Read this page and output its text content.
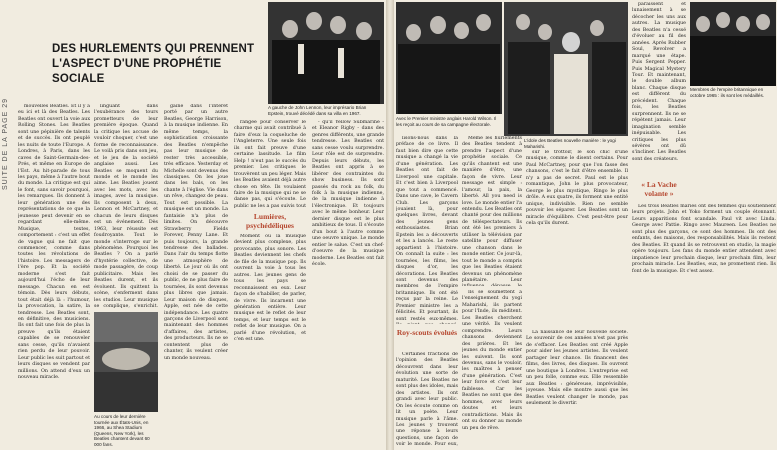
SUITE DE LA PAGE 29
DES HURLEMENTS QUI PRENNENT L'ASPECT D'UNE PROPHÉTIE SOCIALE
A gauche de John Lennon, leur imprésario Brian Epstein, trouvé décédé dans sa villa en 1967.
Avec le Premier ministre anglais Harold Wilson. Il les reçoit au cours de sa campagne électorale.
L'idole des Beatles nouvelle manière : le yogi Maharishi.
Membres de l'empire britannique en octobre 1965 : ils sont les médaillés.
Au cours de leur dernière tournée aux États-Unis, en 1966, au Shea Stadium (Queens, New York), les Beatles chantent devant 60 000 fans.

mouvelles Beatles. Et il y a eu ici et là des Beatles. Les Beatles ont ouvert la voie aux Rolling Stones. Les Beatles sont une pépinière de talents et de succès. Ils ont peuplé les nuits de toute l'Europe. A Londres, à Paris, dans les caves de Saint-Germain-des-Prés, et même en Europe de l'Est. Au hit-parade de tous les pays, même à l'autre bout du monde. La critique est qui le font, sans savoir pourquoi, les remarques. Ils donnent à leur génération une des représentations de ce que la jeunesse peut devenir en se regardant elle-même. Musique, textes, comportement : c'est un effet de vague qui ne fait que commencer, comme dans toutes les révolutions de l'histoire. Les messagers de l'ère pop. Et la société moderne s'est fait aujourd'hui l'écho de leur message. Chacun en est témoin. Dès leurs débuts, tout était déjà là : l'humour, la provocation, la satire, la tendresse. Les Beatles sont, en définitive, des musiciens. Ils ont fait une fois de plus la preuve qu'ils étaient capables de se renouveler sans cesse, qu'ils n'avaient rien perdu de leur pouvoir. Leur public les suit partout et leurs disques se vendent par millions. On attend d'eux un nouveau miracle.

linguant dans l'exubérance des tours prometteurs de leur première époque. Quand la critique les accuse de vouloir choquer, c'est une forme de reconnaissance. Le voilà pris dans son jeu, et le jeu de la société anglaise aussi. Les Beatles se moquent du monde et le monde les aime. Les Beatles jouent avec les mots, avec les images, avec la musique. Ils composent à deux, Lennon et McCartney, et chacun de leurs disques est un événement. Dès 1963, leur réussite est foudroyante. Tout le monde s'interroge sur le phénomène. Pourquoi les Beatles ? On a parlé d'hystérie collective, de mode passagère, de coup publicitaire. Mais les Beatles durent, et ils évoluent. Ils quittent la scène, s'enferment dans les studios. Leur musique se complique, s'enrichit.

gaine dans l'intérêt porté par un autre Beatles, George Harrison, à la musique indienne. En même temps, la sophistication croissante des Beatles n'empêche pas leur musique de rester très accessible, très efficace. Yesterday et Michelle sont devenus des classiques. On les joue dans les bals, on les chante à l'église. Vie dans un rêve, changez de peau. Tout est possible. La musique est un monde. La fantaisie n'a plus de limites. On découvre Strawberry Fields Forever, Penny Lane. Et puis toujours, la grande tendresse des ballades. Dans l'air du temps flotte une atmosphère de liberté. Le jour où ils ont choisi de se passer du public, de ne plus faire de tournées, ils sont devenus plus libres que jamais. Leur maison de disques, Apple, est née de cette indépendance. Les quatre garçons de Liverpool sont maintenant des hommes d'affaires, des artistes, des producteurs. Ils ne se contentent plus de chanter, ils veulent créer un monde nouveau.

rangée pour conserver le charme qui avait contribué à faire d'eux la coqueluche de l'Angleterre. Une seule fois ils ont fait preuve d'une certaine lassitude. Le film Help ! n'eut pas le succès du premier. Les critiques le trouvèrent un peu léger. Mais les Beatles avaient déjà autre chose en tête. Ils voulaient faire de la musique qui ne se danse pas, qui s'écoute. Le public ne les a pas suivis tout

Lumières, psychédéliques

Moment où la musique devient plus complexe, plus provocante, plus sonore. Les Beatles deviennent les chefs de file de la musique pop. Ils ouvrent la voie à tous les autres. Les jeunes gens de tous les pays se reconnaissent en eux. Leur façon de s'habiller, de parler, de vivre. Ils incarnent une génération entière. Leur musique est le reflet de leur temps, et leur temps est le reflet de leur musique. On a parlé d'une révolution, et c'en est une.

- qu'il Yellow Submarine - et Eleanor Rigby - dans des genres différents, une grande tendresse. Les Beatles ont sans cesse voulu surprendre. Leur rôle est de surprendre. Depuis leurs débuts, les Beatles ont appris à se libérer des contraintes du show business. Ils sont passés du rock au folk, du folk à la musique indienne, de la musique indienne à l'électronique. Et toujours avec le même bonheur. Leur dernier disque est le plus ambitieux de tous. Il s'écoute d'un bout à l'autre comme une oeuvre unique. Le monde entier le salue. C'est un chef-d'oeuvre de la musique moderne. Les Beatles ont fait école.

lisons-nous dans la préface de ce livre. Il faut bien dire que cette musique a changé la vie d'une génération. Les Beatles ont fait de Liverpool une capitale. Et c'est bien à Liverpool que tout a commencé. Dans une cave, le Cavern Club. Les garçons jouaient là, pour quelques livres, devant des jeunes gens enthousiastes. Brian Epstein les a découverts et les a lancés. Le reste appartient à l'histoire. On connaît la suite : les tournées, les films, les disques d'or, les décorations. Les Beatles sont devenus des membres de l'empire britannique. Ils ont été reçus par la reine. Le Premier ministre les a félicités. Et pourtant, ils sont restés eux-mêmes.

Roy-scouts évolués

Certaines fractions de l'opinion des Beatles découvrent dans leur évolution une sorte de maturité. Les Beatles ne sont plus des idoles, mais des artistes. Ils ont grandi avec leur public. On les écoute comme on lit un poète. Leur musique parle à l'âme. Les jeunes y trouvent une réponse à leurs questions, une façon de voir le monde. Pour eux,

Même les hurlements des Beatles tendent à prendre l'aspect d'une prophétie sociale. Ce qu'ils chantent est une manière d'être, une façon de vivre. Leur message est simple : l'amour, la paix, la liberté. All you need is love. Le monde entier l'a entendu. Les Beatles ont chanté pour des millions de téléspectateurs. Ils ont été les premiers à utiliser la télévision par satellite pour diffuser une chanson dans le monde entier. Ce jour-là, tout le monde a compris que les Beatles étaient devenus un phénomène planétaire. Leur

Ils se soumettent à l'enseignement du yogi Maharishi, ils partent pour l'Inde, ils méditent. Les Beatles cherchent une vérité. Ils veulent comprendre. Leurs chansons deviennent des prières. Et les jeunes du monde entier les suivent. Ils sont devenus, sans le vouloir, les maîtres à penser d'une génération. C'est leur force et c'est leur faiblesse. Car les Beatles ne sont que des hommes, avec leurs doutes et leurs contradictions. Mais ils ont su donner au monde un peu de rêve.

sur le trottoir, le son chic d'une musique, comme le disent certains. Pour Paul McCartney, pour que l'on fasse des chansons, c'est le fait d'être ensemble. Il n'y a pas de secret. Paul est le plus romantique, John le plus provocateur, George le plus mystique, Ringo le plus drôle. A eux quatre, ils forment une entité unique, indivisible. Rien ne semble pouvoir les séparer. Les Beatles sont un miracle d'équilibre. C'est peut-être pour cela qu'ils durent.

La naissance de leur nouvelle société. Le souvenir de ces années n'est pas près de s'effacer. Les Beatles ont créé Apple pour aider les jeunes artistes. Ils veulent partager leur chance. Ils financent des films, des livres, des disques. Ils ouvrent une boutique à Londres. L'entreprise est un peu folle, comme eux. Elle ressemble aux Beatles : généreuse, imprévisible, joyeuse. Mais elle montre aussi que les Beatles veulent changer le monde, pas seulement le divertir.

paraissent et lunaisement à se décocher les uns aux autres. La musique des Beatles n'a cessé d'évoluer au fil des années. Après Rubber Soul, Revolver a marqué une étape. Puis Sergent Pepper. Puis Magical Mystery Tour. Et maintenant, le double album blanc. Chaque disque est différent du précédent. Chaque fois, les Beatles surprennent. Ils ne se répètent jamais. Leur imagination semble inépuisable. Les critiques les plus sévères ont dû s'incliner. Les Beatles sont des créateurs.

« La Vache volante »

Les trois Beatles mariés ont des femmes qui soutiennent leurs projets. John et Yoko forment un couple étonnant. Leurs apparitions font scandale. Paul vit avec Linda. George avec Pattie. Ringo avec Maureen. Les Beatles ne sont plus des garçons, ce sont des hommes. Ils ont des enfants, des maisons, des responsabilités. Mais ils restent des Beatles. Et quand ils se retrouvent en studio, la magie opère toujours. Les fans du monde entier attendent avec impatience leur prochain disque, leur prochain film, leur prochain miracle. Les Beatles, eux, ne promettent rien. Ils font de la musique. Et c'est assez.
